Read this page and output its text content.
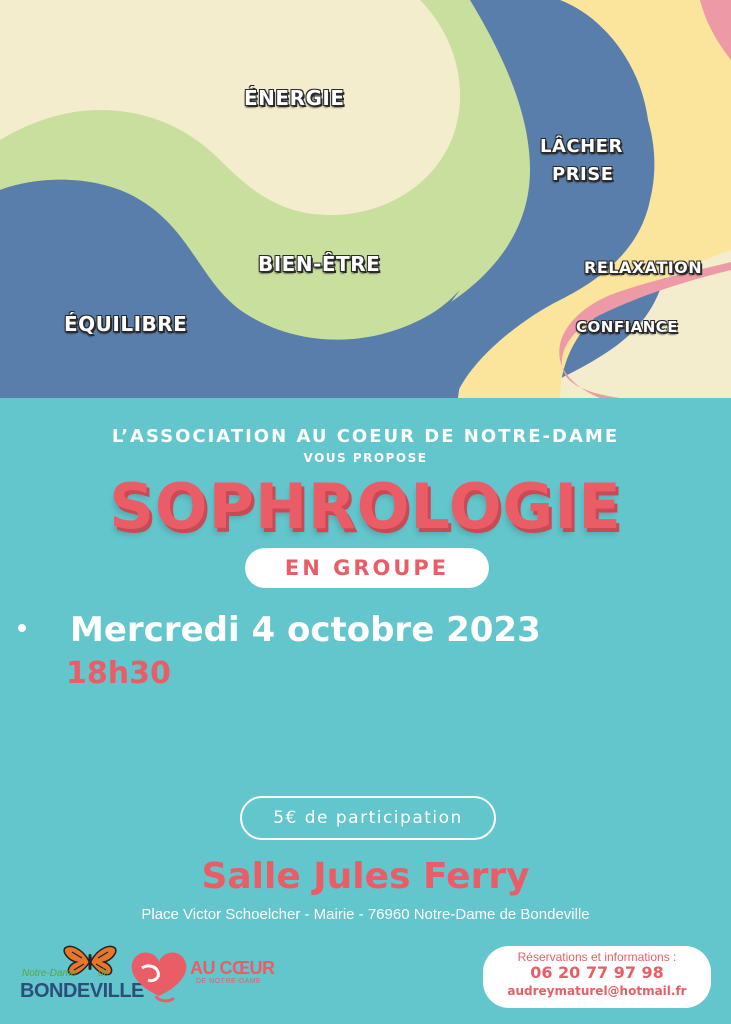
ÉNERGIE
LÂCHER
PRISE
BIEN-ÊTRE	RELAXATION
ÉQUILIBRE	CONFIANCE
L’ASSOCIATION AU COEUR DE NOTRE-DAME
VOUS PROPOSE
SOPHROLOGIE
EN GROUPE
Mercredi 4 octobre 2023
18h30
5€ de participation
Salle Jules Ferry
Place Victor Schoelcher - Mairie - 76960 Notre-Dame de Bondeville
Notre-Dame de
BONDEVILLE
AU CŒUR
DE NOTRE-DAME
Réservations et informations :
06 20 77 97 98
audreymaturel@hotmail.fr
